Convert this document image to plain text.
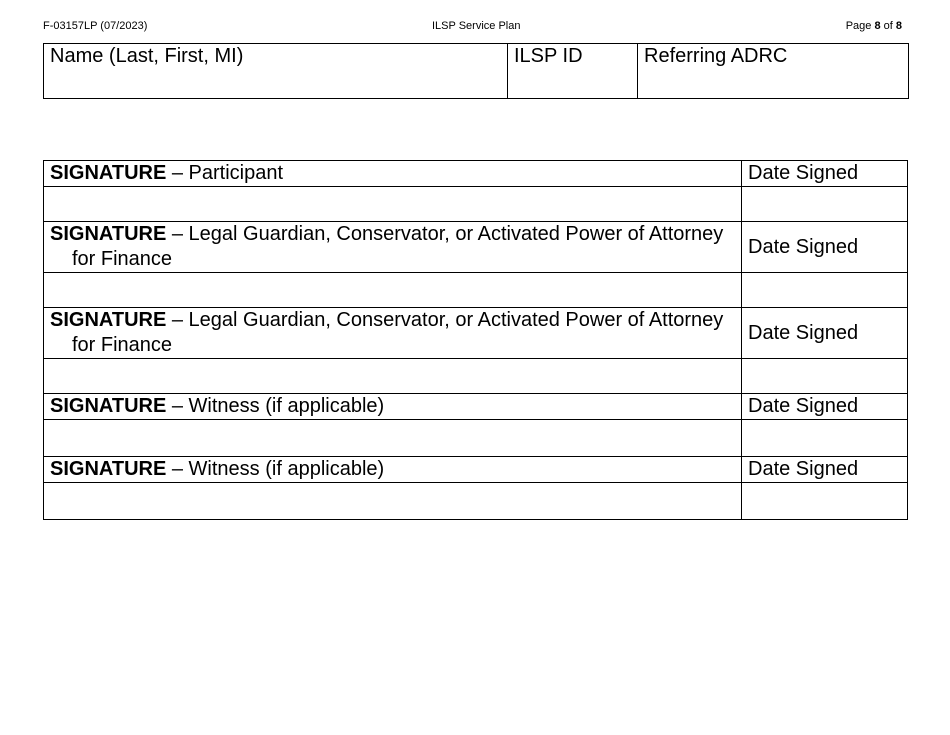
F-03157LP (07/2023)	ILSP Service Plan	Page 8 of 8
Name (Last, First, MI)	ILSP ID	Referring ADRC
SIGNATURE – Participant	Date Signed

SIGNATURE – Legal Guardian, Conservator, or Activated Power of Attorney for Finance	Date Signed

SIGNATURE – Legal Guardian, Conservator, or Activated Power of Attorney for Finance	Date Signed

SIGNATURE – Witness (if applicable)	Date Signed

SIGNATURE – Witness (if applicable)	Date Signed
